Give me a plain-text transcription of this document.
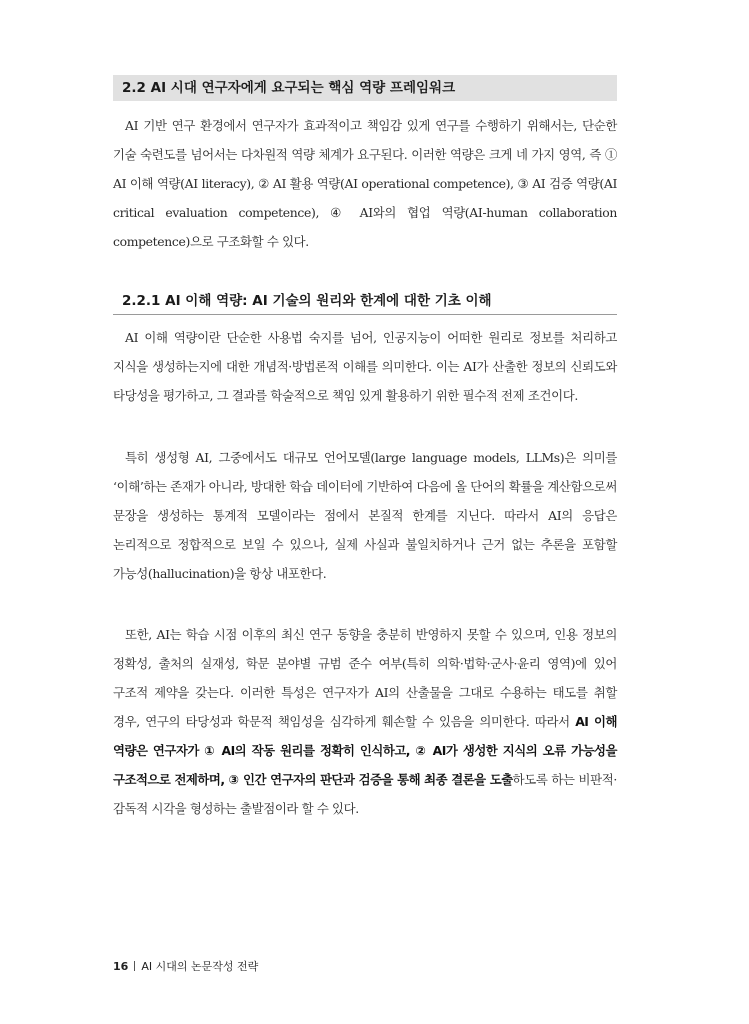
2.2 AI 시대 연구자에게 요구되는 핵심 역량 프레임워크

AI 기반 연구 환경에서 연구자가 효과적이고 책임감 있게 연구를 수행하기 위해서는, 단순한 기술 숙련도를 넘어서는 다차원적 역량 체계가 요구된다. 이러한 역량은 크게 네 가지 영역, 즉 ① AI 이해 역량(AI literacy), ② AI 활용 역량(AI operational competence), ③ AI 검증 역량(AI critical evaluation competence), ④ AI와의 협업 역량(AI-human collaboration competence)으로 구조화할 수 있다.

2.2.1 AI 이해 역량: AI 기술의 원리와 한계에 대한 기초 이해

AI 이해 역량이란 단순한 사용법 숙지를 넘어, 인공지능이 어떠한 원리로 정보를 처리하고 지식을 생성하는지에 대한 개념적·방법론적 이해를 의미한다. 이는 AI가 산출한 정보의 신뢰도와 타당성을 평가하고, 그 결과를 학술적으로 책임 있게 활용하기 위한 필수적 전제 조건이다.

특히 생성형 AI, 그중에서도 대규모 언어모델(large language models, LLMs)은 의미를 ‘이해’하는 존재가 아니라, 방대한 학습 데이터에 기반하여 다음에 올 단어의 확률을 계산함으로써 문장을 생성하는 통계적 모델이라는 점에서 본질적 한계를 지닌다. 따라서 AI의 응답은 논리적으로 정합적으로 보일 수 있으나, 실제 사실과 불일치하거나 근거 없는 추론을 포함할 가능성(hallucination)을 항상 내포한다.

또한, AI는 학습 시점 이후의 최신 연구 동향을 충분히 반영하지 못할 수 있으며, 인용 정보의 정확성, 출처의 실재성, 학문 분야별 규범 준수 여부(특히 의학·법학·군사·윤리 영역)에 있어 구조적 제약을 갖는다. 이러한 특성은 연구자가 AI의 산출물을 그대로 수용하는 태도를 취할 경우, 연구의 타당성과 학문적 책임성을 심각하게 훼손할 수 있음을 의미한다. 따라서 AI 이해 역량은 연구자가 ① AI의 작동 원리를 정확히 인식하고, ② AI가 생성한 지식의 오류 가능성을 구조적으로 전제하며, ③ 인간 연구자의 판단과 검증을 통해 최종 결론을 도출하도록 하는 비판적·감독적 시각을 형성하는 출발점이라 할 수 있다.

16 AI 시대의 논문작성 전략
